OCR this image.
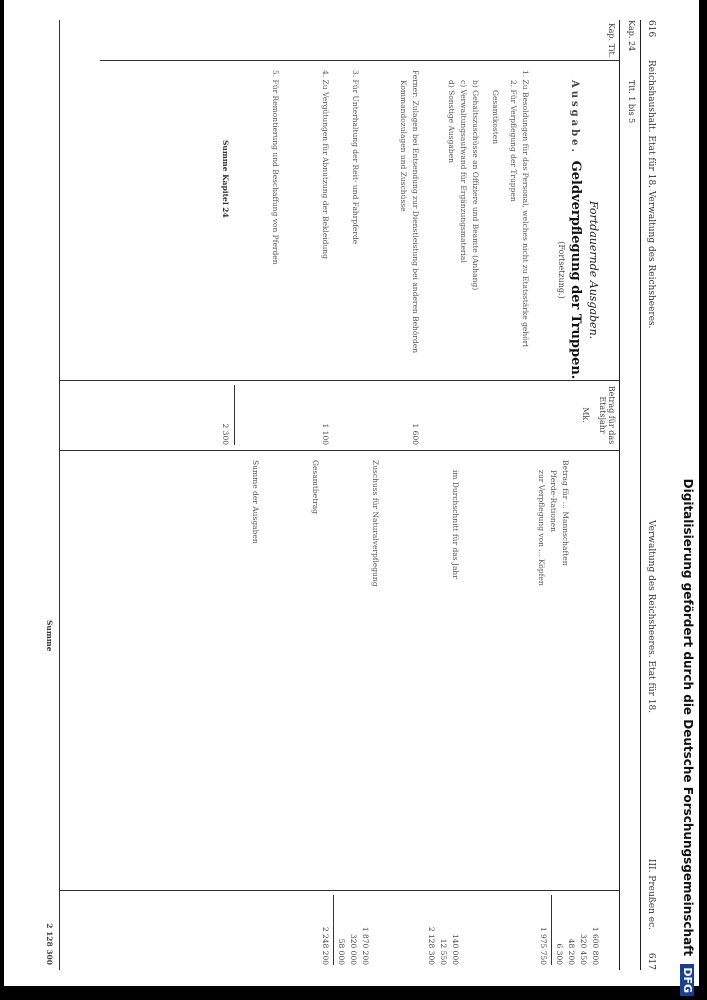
Digitalisierung gefördert durch die Deutsche Forschungsgemeinschaft DFG
616
Reichshaushalt. Etat für 18. Verwaltung des Reichsheeres.
Verwaltung des Reichsheeres. Etat für 18.
III. Preußen ec.
617
Kap. 24
Tit. 1 bis 5
Kap. Tit.
Ausgabe.
Betrag für das Etatsjahr
Mk.
Fortdauernde Ausgaben.
Geldverpflegung der Truppen.
(Fortsetzung.)
1. Zu Besoldungen für das Personal, welches nicht zu Etatsstärke gehört
2. Für Verpflegung der Truppen
Gesamtkosten
b) Gehaltszuschüsse an Offiziere und Beamte (Anhang)
c) Verwaltungsaufwand für Ergänzungsmaterial
d) Sonstige Ausgaben
Ferner: Zulagen bei Entsendung zur Dienstleistung bei anderen Behörden
Kommandozulagen und Zuschüsse
3. Für Unterhaltung der Reit- und Fahrpferde
4. Zu Vergütungen für Abnutzung der Bekleidung
5. Für Remontierung und Beschaffung von Pferden
Summe Kapitel 24
1 600
1 100
2 300
Betrag für ... Mannschaften
Pferde-Rationen
zur Verpflegung von ... Köpfen
im Durchschnitt für das Jahr
Zuschuss für Naturalverpflegung
Gesamtbetrag
Summe der Ausgaben
1 600 800
320 450
48 200
6 300
1 975 750
140 000
12 550
2 128 300
1 870 200
320 000
58 000
2 248 200
Summe
2 128 300
